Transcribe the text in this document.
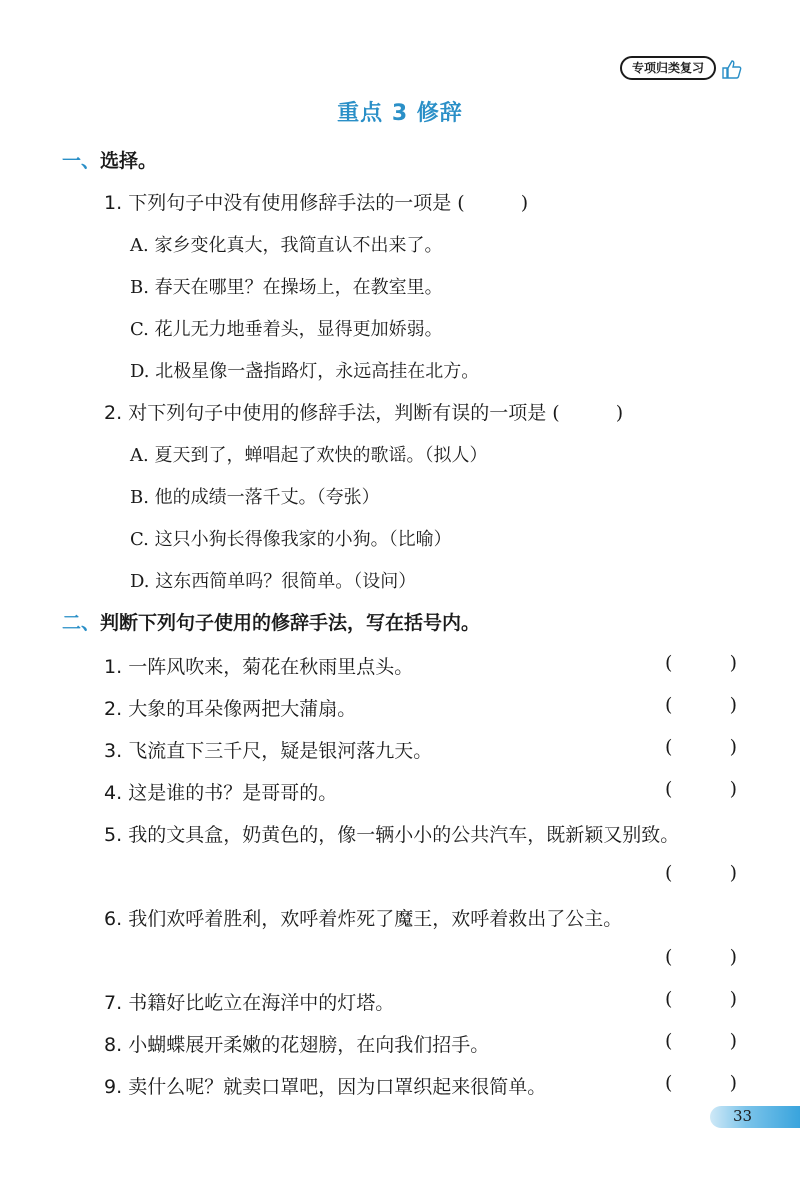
专项归类复习
重点 3 修辞
一、选择。
1. 下列句子中没有使用修辞手法的一项是 (	)
A. 家乡变化真大，我简直认不出来了。
B. 春天在哪里？在操场上，在教室里。
C. 花儿无力地垂着头，显得更加娇弱。
D. 北极星像一盏指路灯，永远高挂在北方。
2. 对下列句子中使用的修辞手法，判断有误的一项是 (	)
A. 夏天到了，蝉唱起了欢快的歌谣。（拟人）
B. 他的成绩一落千丈。（夸张）
C. 这只小狗长得像我家的小狗。（比喻）
D. 这东西简单吗？很简单。（设问）
二、判断下列句子使用的修辞手法，写在括号内。
1. 一阵风吹来，菊花在秋雨里点头。	(	)
2. 大象的耳朵像两把大蒲扇。	(	)
3. 飞流直下三千尺，疑是银河落九天。	(	)
4. 这是谁的书？是哥哥的。	(	)
5. 我的文具盒，奶黄色的，像一辆小小的公共汽车，既新颖又别致。
(	)
6. 我们欢呼着胜利，欢呼着炸死了魔王，欢呼着救出了公主。
(	)
7. 书籍好比屹立在海洋中的灯塔。	(	)
8. 小蝴蝶展开柔嫩的花翅膀，在向我们招手。	(	)
9. 卖什么呢？就卖口罩吧，因为口罩织起来很简单。	(	)
33
